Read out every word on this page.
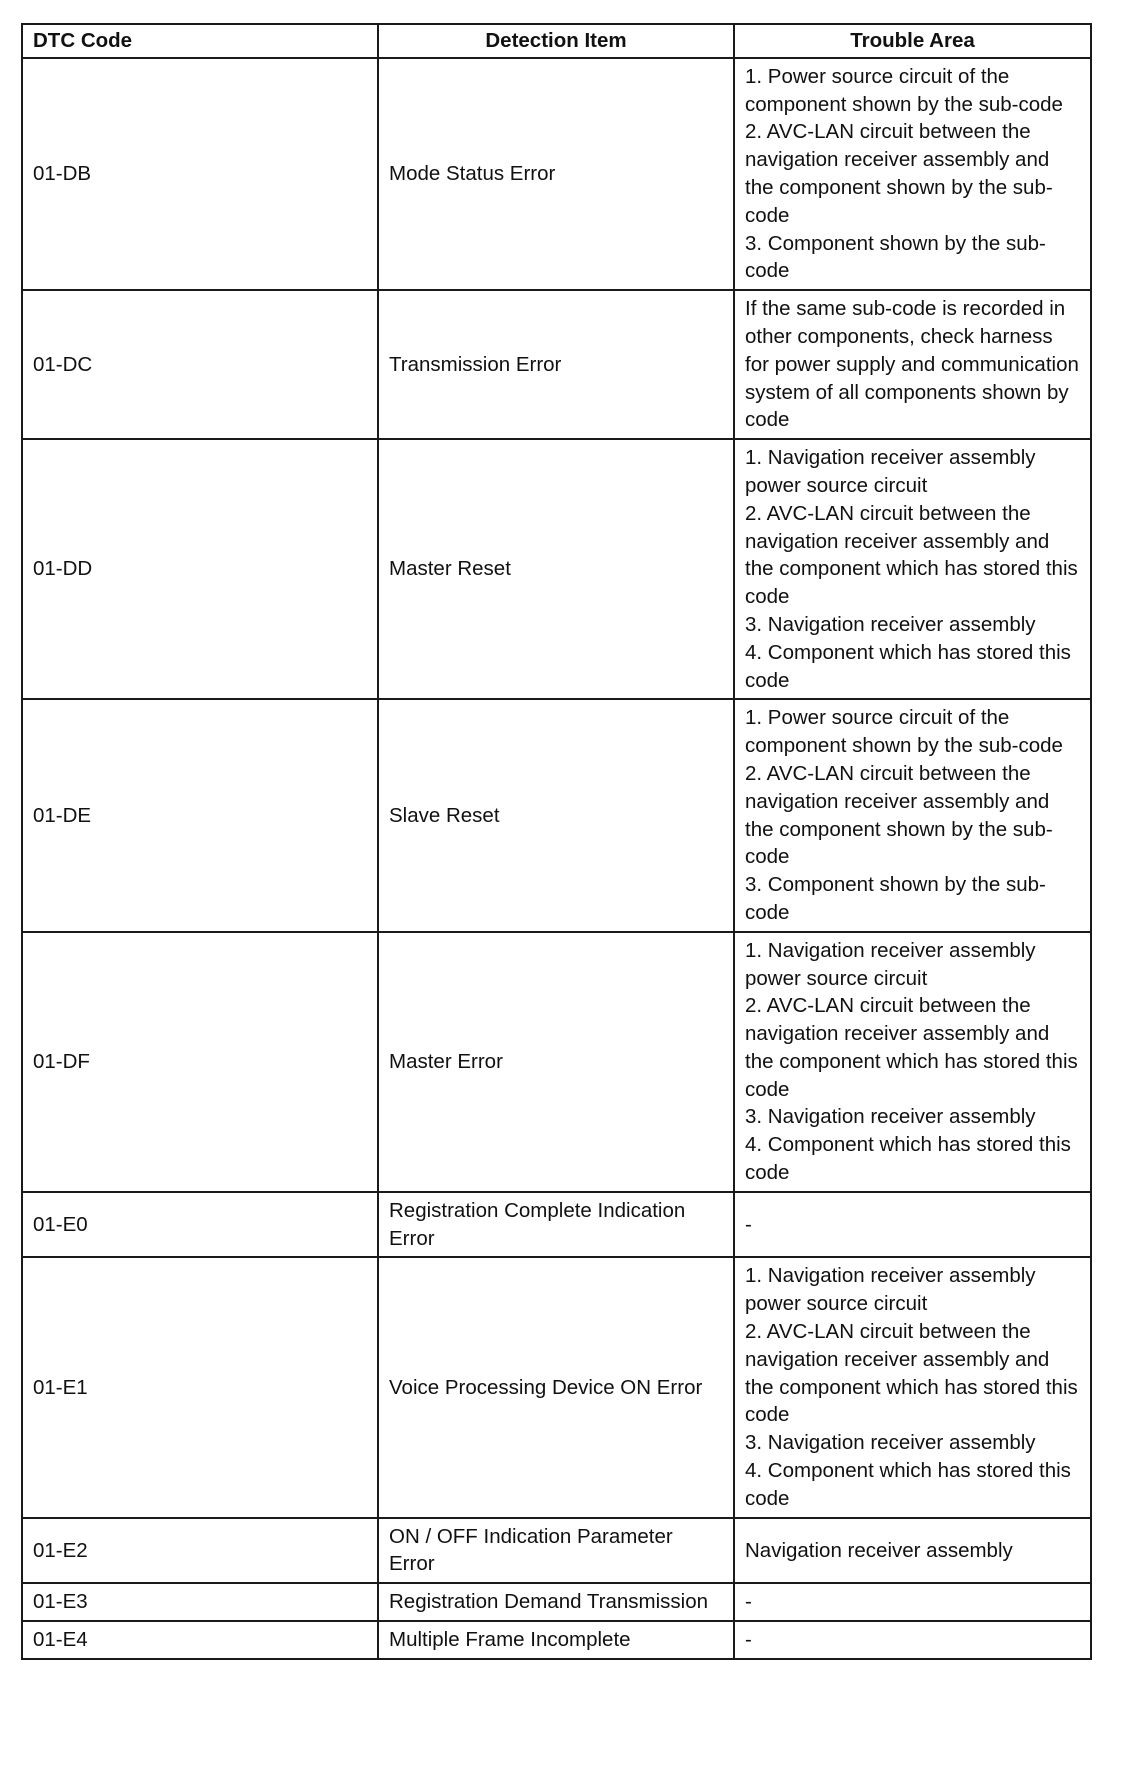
DTC Code	Detection Item	Trouble Area
01-DB	Mode Status Error	1. Power source circuit of the component shown by the sub-code
2. AVC-LAN circuit between the navigation receiver assembly and the component shown by the sub-code
3. Component shown by the sub-code

01-DC	Transmission Error	If the same sub-code is recorded in other components, check harness for power supply and communication system of all components shown by code

01-DD	Master Reset	1. Navigation receiver assembly power source circuit
2. AVC-LAN circuit between the navigation receiver assembly and the component which has stored this code
3. Navigation receiver assembly
4. Component which has stored this code

01-DE	Slave Reset	1. Power source circuit of the component shown by the sub-code
2. AVC-LAN circuit between the navigation receiver assembly and the component shown by the sub-code
3. Component shown by the sub-code

01-DF	Master Error	1. Navigation receiver assembly power source circuit
2. AVC-LAN circuit between the navigation receiver assembly and the component which has stored this code
3. Navigation receiver assembly
4. Component which has stored this code

01-E0	Registration Complete Indication Error	-

01-E1	Voice Processing Device ON Error	1. Navigation receiver assembly power source circuit
2. AVC-LAN circuit between the navigation receiver assembly and the component which has stored this code
3. Navigation receiver assembly
4. Component which has stored this code

01-E2	ON / OFF Indication Parameter Error	Navigation receiver assembly

01-E3	Registration Demand Transmission	-

01-E4	Multiple Frame Incomplete	-
